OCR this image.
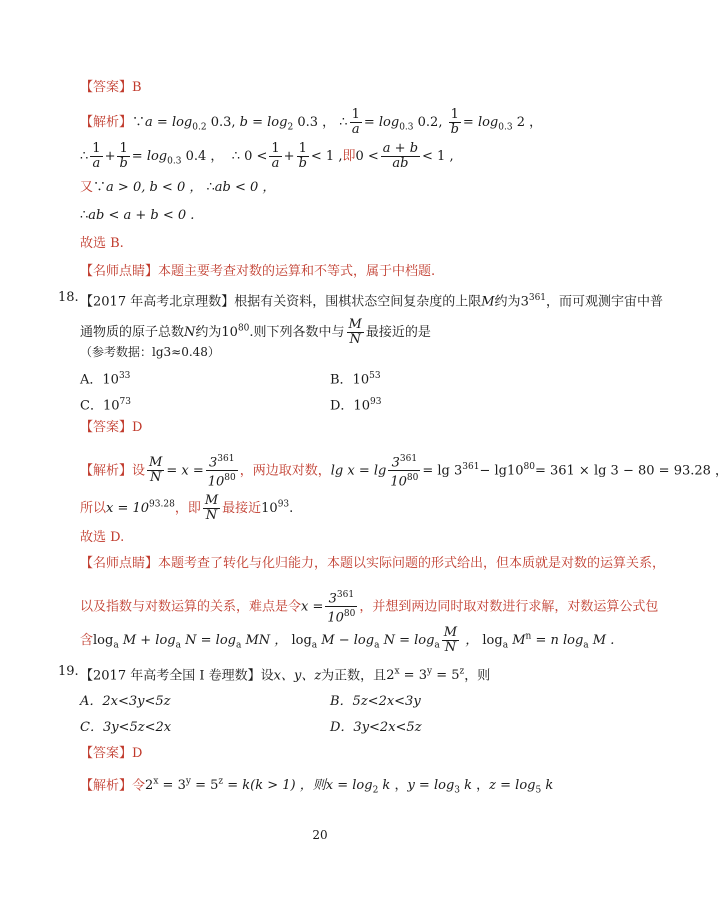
【答案】B
【解析】∵a = $\log_{0.2} 0.3$, $b = \log_2 0.3$ ， ∴ $\frac{1}{a} = \log_{0.3} 0.2$, $\frac{1}{b} = \log_{0.3} 2$ ，
∴ $\frac{1}{a} + \frac{1}{b} = \log_{0.3} 0.4$ ， ∴ $0 < \frac{1}{a} + \frac{1}{b} < 1$ ,即$0 < \frac{a + b}{ab} < 1$ ,
又∵a > 0, b < 0 ， ∴ab < 0 ，
∴ab < a + b < 0 .
故选 B.
【名师点睛】本题主要考查对数的运算和不等式，属于中档题.
18. 【2017 年高考北京理数】根据有关资料，围棋状态空间复杂度的上限M约为$3^{361}$，而可观测宇宙中普
通物质的原子总数N约为$10^{80}$.则下列各数中与 $\frac{M}{N}$ 最接近的是
（参考数据：lg3≈0.48）
A．$10^{33}$	B．$10^{53}$
C．$10^{73}$	D．$10^{93}$
【答案】D
【解析】设 $\frac{M}{N} = x = \frac{3^{361}}{10^{80}}$ ，两边取对数，$\lg x = \lg \frac{3^{361}}{10^{80}} = \lg 3^{361}- \lg 10^{80}= 361 \times \lg 3 - 80 = 93.28$ ，
所以$x = 10^{93.28}$，即 $\frac{M}{N}$ 最接近$10^{93}$.
故选 D.
【名师点睛】本题考查了转化与化归能力，本题以实际问题的形式给出，但本质就是对数的运算关系，
以及指数与对数运算的关系，难点是令$x = \frac{3^{361}}{10^{80}}$ ，并想到两边同时取对数进行求解，对数运算公式包
含$\log_a M + \log_a N = \log_a$ MN ， $\log_a M - \log_a N = \log_a \frac{M}{N}$ ， $\log_a M^n = n$ $\log_a M$ .
19. 【2017 年高考全国 I 卷理数】设x、y、z为正数，且$2^x = 3^y = 5^z$，则
A．2x<3y<5z	B．5z<2x<3y
C．3y<5z<2x	D．3y<2x<5z
【答案】D
【解析】令$2^x = 3^y = 5^z = k(k > 1)$ ，则$x = \log_2 k$ ，$y = \log_3 k$ ，$z = \log_5 k$
20
